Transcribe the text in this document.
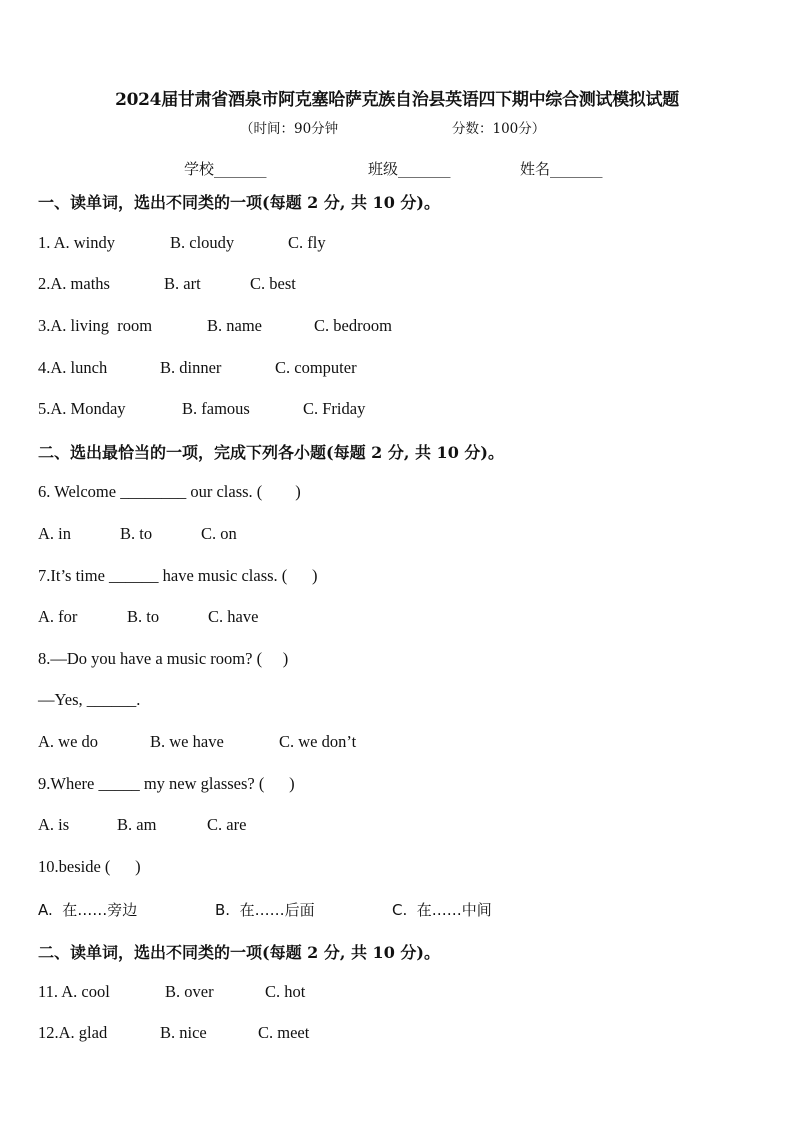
2024届甘肃省酒泉市阿克塞哈萨克族自治县英语四下期中综合测试模拟试题
（时间：90分钟	分数：100分）
学校_______	班级_______	姓名_______
一、读单词，选出不同类的一项(每题 2 分, 共 10 分)。
1. A. windy	B. cloudy	C. fly
2.A. maths	B. art	C. best
3.A. living  room	B. name	C. bedroom
4.A. lunch	B. dinner	C. computer
5.A. Monday	B. famous	C. Friday
二、选出最恰当的一项，完成下列各小题(每题 2 分, 共 10 分)。
6. Welcome ________ our class. (        )
A. in	B. to	C. on
7.It’s time ______ have music class. (      )
A. for	B. to	C. have
8.—Do you have a music room? (     )
—Yes, ______.
A. we do	B. we have	C. we don’t
9.Where _____ my new glasses? (      )
A. is	B. am	C. are
10.beside (      )
A.  在……旁边	B.  在……后面	C.  在……中间
二、读单词，选出不同类的一项(每题 2 分, 共 10 分)。
11. A. cool	B. over	C. hot
12.A. glad	B. nice	C. meet
